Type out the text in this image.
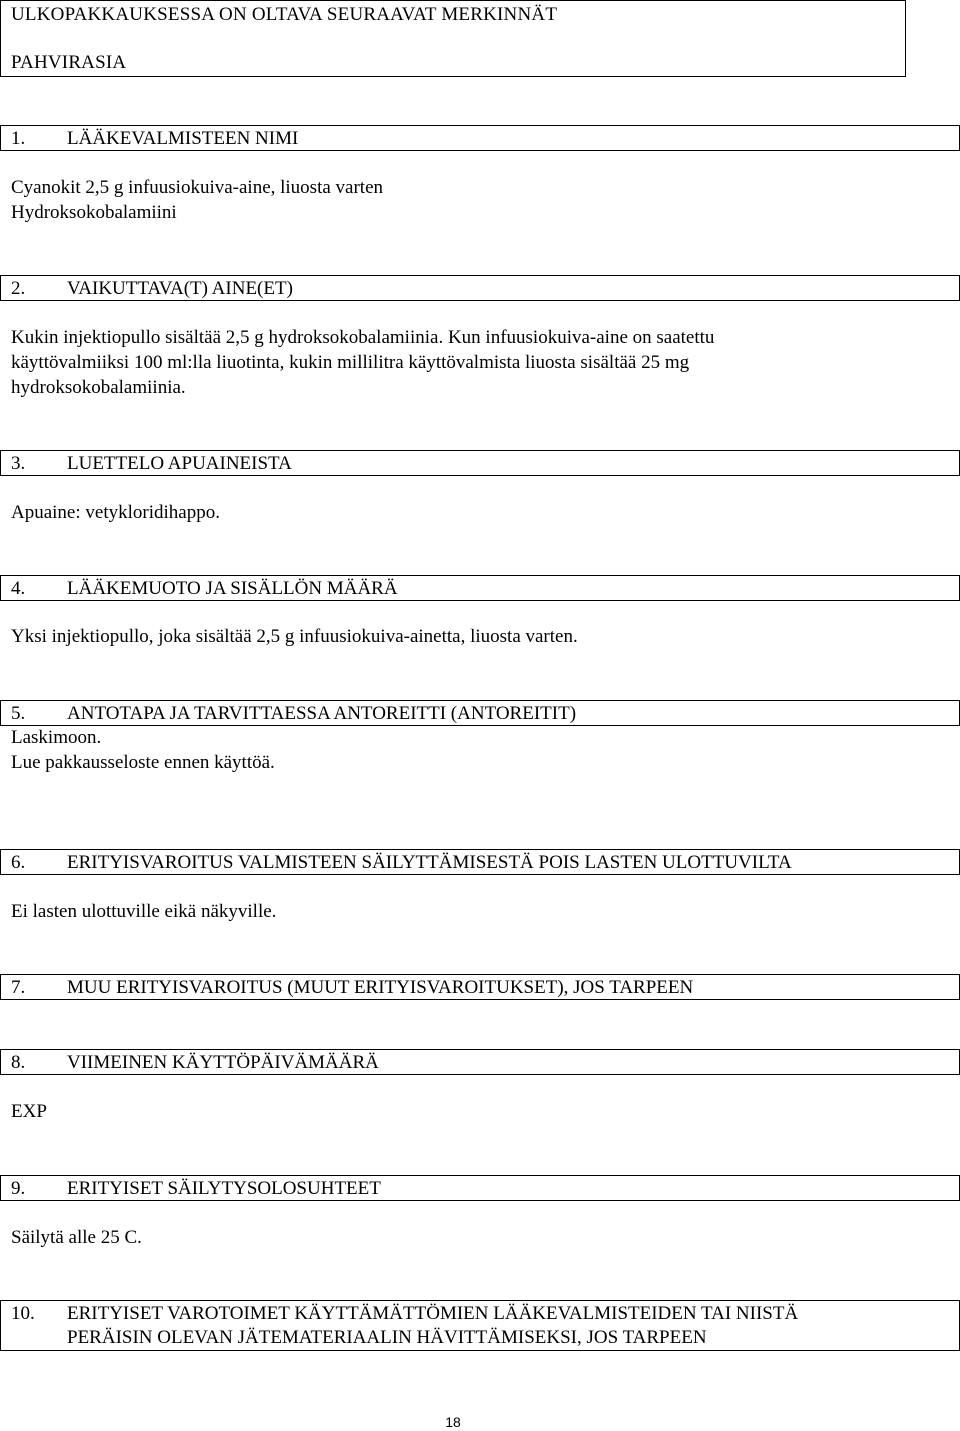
ULKOPAKKAUKSESSA ON OLTAVA SEURAAVAT MERKINNÄT
PAHVIRASIA
1. LÄÄKEVALMISTEEN NIMI
Cyanokit 2,5 g infuusiokuiva-aine, liuosta varten
Hydroksokobalamiini
2. VAIKUTTAVA(T) AINE(ET)
Kukin injektiopullo sisältää 2,5 g hydroksokobalamiinia. Kun infuusiokuiva-aine on saatettu
käyttövalmiiksi 100 ml:lla liuotinta, kukin millilitra käyttövalmista liuosta sisältää 25 mg
hydroksokobalamiinia.
3. LUETTELO APUAINEISTA
Apuaine: vetykloridihappo.
4. LÄÄKEMUOTO JA SISÄLLÖN MÄÄRÄ
Yksi injektiopullo, joka sisältää 2,5 g infuusiokuiva-ainetta, liuosta varten.
5. ANTOTAPA JA TARVITTAESSA ANTOREITTI (ANTOREITIT)
Laskimoon.
Lue pakkausseloste ennen käyttöä.
6. ERITYISVAROITUS VALMISTEEN SÄILYTTÄMISESTÄ POIS LASTEN ULOTTUVILTA
Ei lasten ulottuville eikä näkyville.
7. MUU ERITYISVAROITUS (MUUT ERITYISVAROITUKSET), JOS TARPEEN
8. VIIMEINEN KÄYTTÖPÄIVÄMÄÄRÄ
EXP
9. ERITYISET SÄILYTYSOLOSUHTEET
Säilytä alle 25 C.
10. ERITYISET VAROTOIMET KÄYTTÄMÄTTÖMIEN LÄÄKEVALMISTEIDEN TAI NIISTÄ
PERÄISIN OLEVAN JÄTEMATERIAALIN HÄVITTÄMISEKSI, JOS TARPEEN
18
